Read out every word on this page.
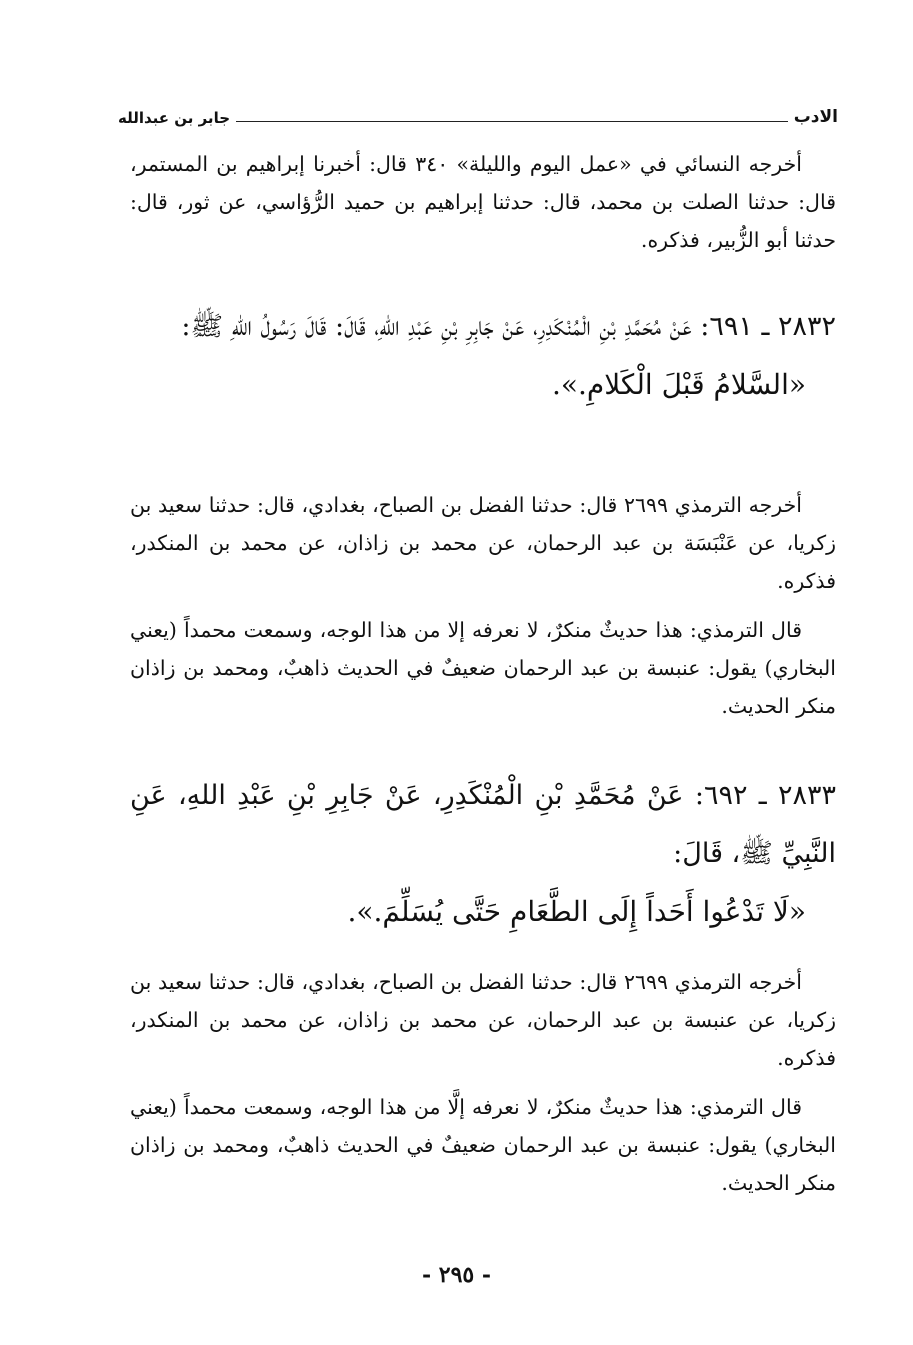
الادب
جابر بن عبدالله

أخرجه النسائي في «عمل اليوم والليلة» ٣٤٠ قال: أخبرنا إبراهيم بن المستمر، قال: حدثنا الصلت بن محمد، قال: حدثنا إبراهيم بن حميد الرُّؤاسي، عن ثور، قال: حدثنا أبو الزُّبير، فذكره.

٢٨٣٢ ـ ٦٩١: عَنْ مُحَمَّدِ بْنِ الْمُنْكَدِرِ، عَنْ جَابِرِ بْنِ عَبْدِ اللهِ، قَالَ: قَالَ رَسُولُ اللهِ ﷺ:

«السَّلامُ قَبْلَ الْكَلامِ.».

أخرجه الترمذي ٢٦٩٩ قال: حدثنا الفضل بن الصباح، بغدادي، قال: حدثنا سعيد بن زكريا، عن عَنْبَسَة بن عبد الرحمان، عن محمد بن زاذان، عن محمد بن المنكدر، فذكره.

قال الترمذي: هذا حديثٌ منكرٌ، لا نعرفه إلا من هذا الوجه، وسمعت محمداً (يعني البخاري) يقول: عنبسة بن عبد الرحمان ضعيفٌ في الحديث ذاهبٌ، ومحمد بن زاذان منكر الحديث.

٢٨٣٣ ـ ٦٩٢: عَنْ مُحَمَّدِ بْنِ الْمُنْكَدِرِ، عَنْ جَابِرِ بْنِ عَبْدِ اللهِ، عَنِ النَّبِيِّ ﷺ، قَالَ:

«لَا تَدْعُوا أَحَداً إِلَى الطَّعَامِ حَتَّى يُسَلِّمَ.».

أخرجه الترمذي ٢٦٩٩ قال: حدثنا الفضل بن الصباح، بغدادي، قال: حدثنا سعيد بن زكريا، عن عنبسة بن عبد الرحمان، عن محمد بن زاذان، عن محمد بن المنكدر، فذكره.

قال الترمذي: هذا حديثٌ منكرٌ، لا نعرفه إلَّا من هذا الوجه، وسمعت محمداً (يعني البخاري) يقول: عنبسة بن عبد الرحمان ضعيفٌ في الحديث ذاهبٌ، ومحمد بن زاذان منكر الحديث.

- ٢٩٥ -
